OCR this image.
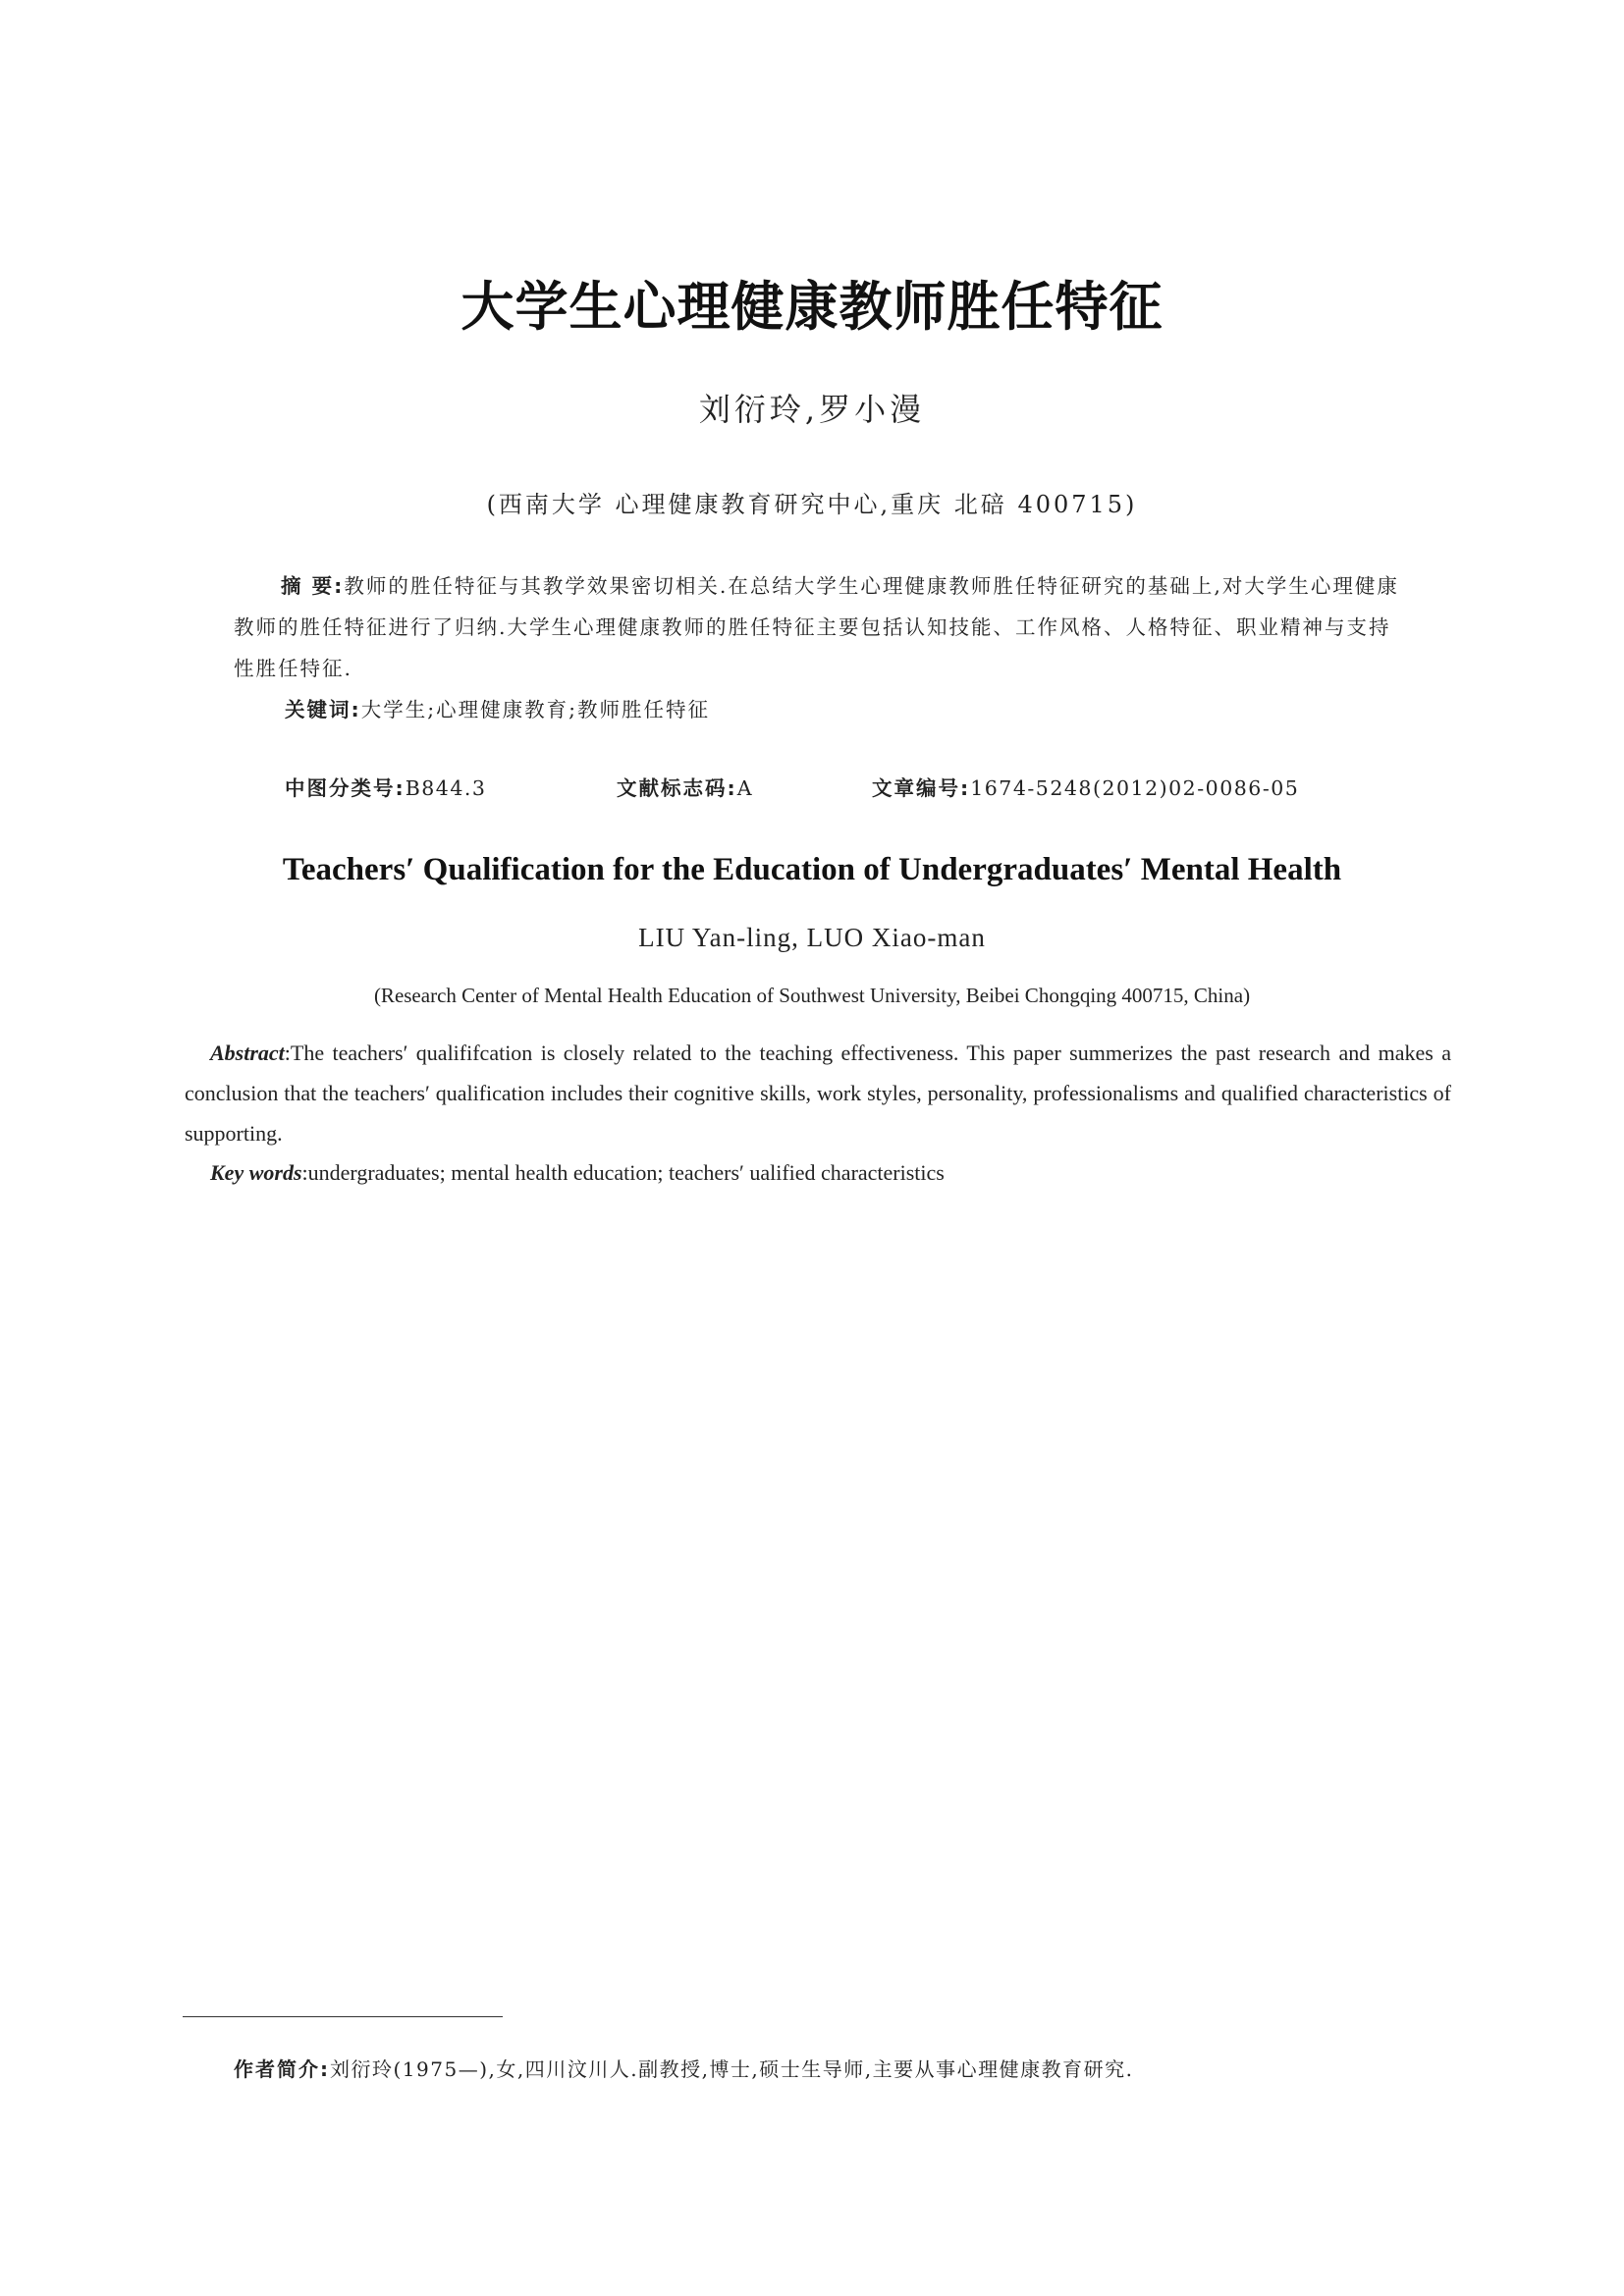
大学生心理健康教师胜任特征
刘衍玲,罗小漫
(西南大学 心理健康教育研究中心,重庆 北碚 400715)
摘 要:教师的胜任特征与其教学效果密切相关.在总结大学生心理健康教师胜任特征研究的基础上,对大学生心理健康教师的胜任特征进行了归纳.大学生心理健康教师的胜任特征主要包括认知技能、工作风格、人格特征、职业精神与支持性胜任特征.
关键词:大学生;心理健康教育;教师胜任特征
中图分类号:B844.3	文献标志码:A	文章编号:1674-5248(2012)02-0086-05
Teachers′ Qualification for the Education of Undergraduates′ Mental Health
LIU Yan-ling, LUO Xiao-man
(Research Center of Mental Health Education of Southwest University, Beibei Chongqing 400715, China)
Abstract:The teachers′ qualififcation is closely related to the teaching effectiveness. This paper summerizes the past research and makes a conclusion that the teachers′ qualification includes their cognitive skills, work styles, personality, professionalisms and qualified characteristics of supporting.
Key words:undergraduates; mental health education; teachers′ ualified characteristics
作者简介:刘衍玲(1975—),女,四川汶川人.副教授,博士,硕士生导师,主要从事心理健康教育研究.
